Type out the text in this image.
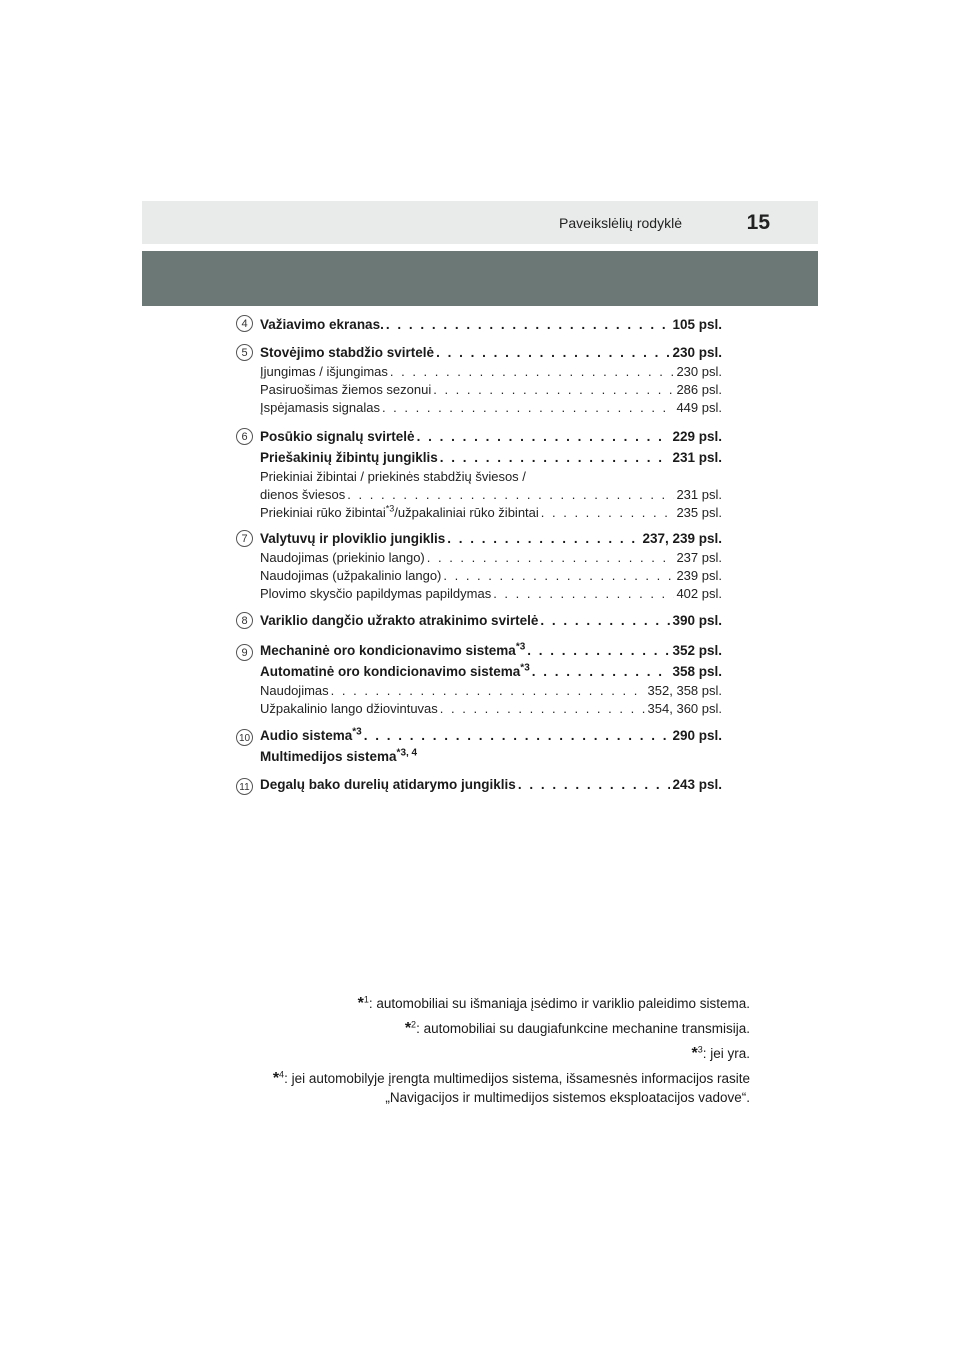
Paveikslėlių rodyklė	15
4 Važiavimo ekranas. . . .	105 psl.
5 Stovėjimo stabdžio svirtelė . . .	230 psl.
Įjungimas / išjungimas . . .	230 psl.
Pasiruošimas žiemos sezonui . . .	286 psl.
Įspėjamasis signalas . . .	449 psl.
6 Posūkio signalų svirtelė . . .	229 psl.
Priešakinių žibintų jungiklis . . .	231 psl.
Priekiniai žibintai / priekinės stabdžių šviesos /
dienos šviesos . . .	231 psl.
Priekiniai rūko žibintai$^{*3}$/užpakaliniai rūko žibintai . . .	235 psl.
7 Valytuvų ir ploviklio jungiklis . . .	237, 239 psl.
Naudojimas (priekinio lango) . . .	237 psl.
Naudojimas (užpakalinio lango) . . .	239 psl.
Plovimo skysčio papildymas papildymas . . .	402 psl.
8 Variklio dangčio užrakto atrakinimo svirtelė . . .	390 psl.
9 Mechaninė oro kondicionavimo sistema$^{*3}$ . . .	352 psl.
Automatinė oro kondicionavimo sistema$^{*3}$ . . .	358 psl.
Naudojimas . . .	352, 358 psl.
Užpakalinio lango džiovintuvas . . .	354, 360 psl.
10 Audio sistema$^{*3}$ . . .	290 psl.
Multimedijos sistema$^{*3, 4}$
11 Degalų bako durelių atidarymo jungiklis . . .	243 psl.
*$^1$: automobiliai su išmaniąja įsėdimo ir variklio paleidimo sistema.
*$^2$: automobiliai su daugiafunkcine mechanine transmisija.
*$^3$: jei yra.
*$^4$: jei automobilyje įrengta multimedijos sistema, išsamesnės informacijos rasite
„Navigacijos ir multimedijos sistemos eksploatacijos vadove“.
